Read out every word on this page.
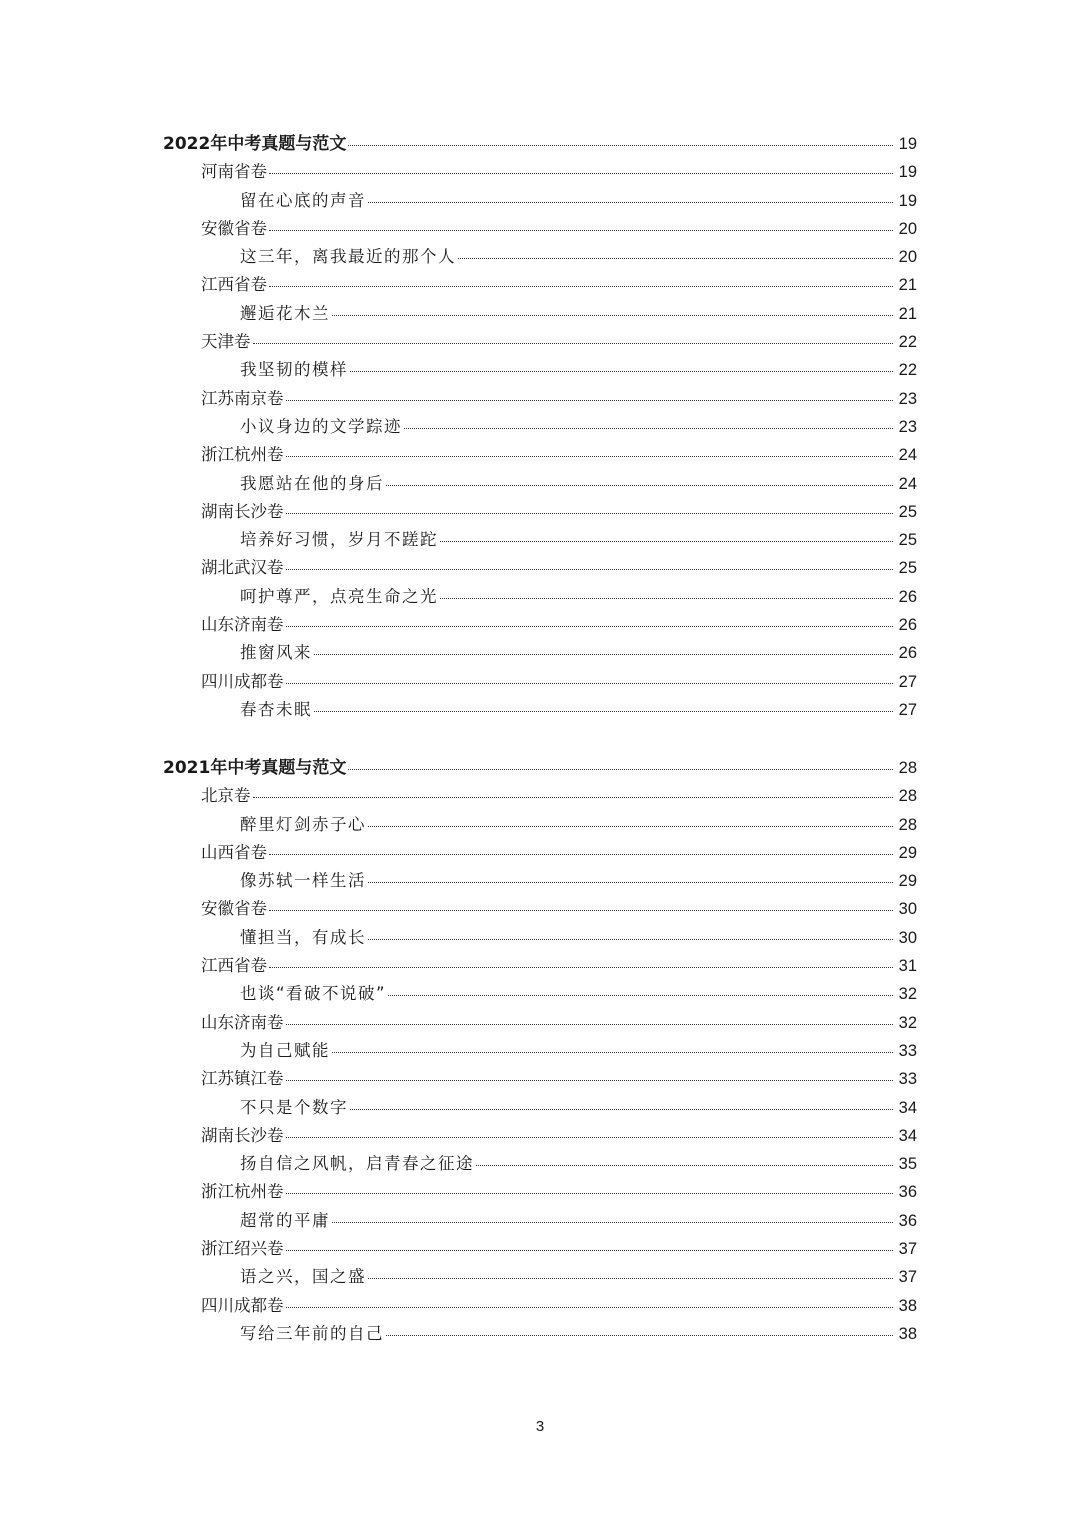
2022年中考真题与范文	19
河南省卷	19
留在心底的声音	19
安徽省卷	20
这三年，离我最近的那个人	20
江西省卷	21
邂逅花木兰	21
天津卷	22
我坚韧的模样	22
江苏南京卷	23
小议身边的文学踪迹	23
浙江杭州卷	24
我愿站在他的身后	24
湖南长沙卷	25
培养好习惯，岁月不蹉跎	25
湖北武汉卷	25
呵护尊严，点亮生命之光	26
山东济南卷	26
推窗风来	26
四川成都卷	27
春杏未眠	27
2021年中考真题与范文	28
北京卷	28
醉里灯剑赤子心	28
山西省卷	29
像苏轼一样生活	29
安徽省卷	30
懂担当，有成长	30
江西省卷	31
也谈“看破不说破”	32
山东济南卷	32
为自己赋能	33
江苏镇江卷	33
不只是个数字	34
湖南长沙卷	34
扬自信之风帆，启青春之征途	35
浙江杭州卷	36
超常的平庸	36
浙江绍兴卷	37
语之兴，国之盛	37
四川成都卷	38
写给三年前的自己	38
3
